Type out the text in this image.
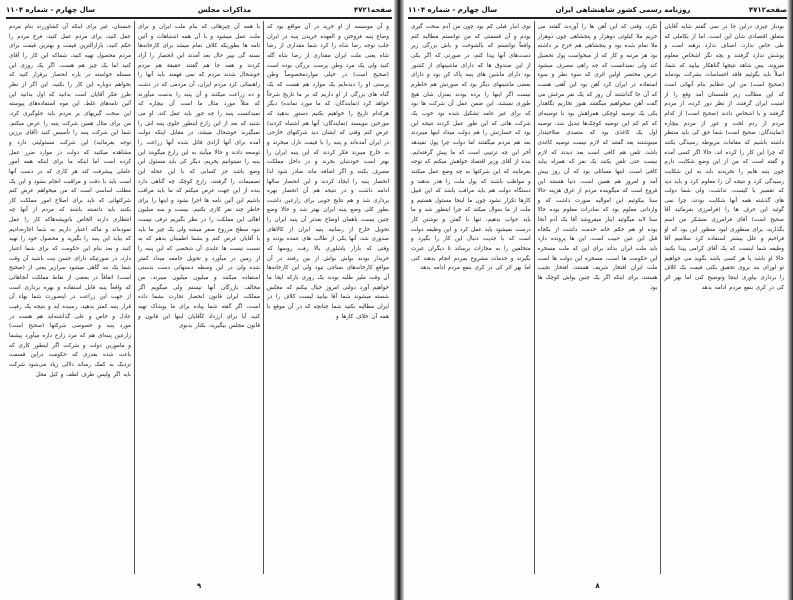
صفحه۴۷۲۱
مذاکرات مجلس
سال چهارم - شماره ۱۱۰۴

و آن موسسه از او خرید در آن مواقع بود که وضاع پنبه فروختن و العهده خریدن پنبه در ایران جلب توجه رضا شاه را کرد شما مقداری از رضا شاه یعنی ملت ایران مقداری از رضا شاه گله کنید ولی یک مرد وطن پرست بزرگی بوده است (صحیح است) در خیلی مواردمخصوصاً وطن پرستی او را دیده‌ایم یک موارد هم هست که یک گناه های بزرگی از او داریم که بر ما تاریخ شرحاً خواهد کرد (نمایندگان: که ما مورد نمانده) دیگر هرکدام تاریخ را خواهیم بکنیم دستور بدهید که مورخین بنویسند (نمایندگان: آنها هم اشتباه کردند) عرض کنم وقتی که ایشان دید شرکتهای خارجی در ایران آمده‌اند و پنبه را با قیمت نازل میخرند و به خارج میبرند فکر کردند که این پنبه ایران را بهتر است خودشان بخرند و در داخل مملکت مصرف بکنند و اگر اضافه ماند صادر شود لذا انحصار پنبه را ایجاد کردند و این انحصار سالها ادامه داشت و در نتیجه هم آن انحصار بهره برداری شد و هم نتایج خوبی برای زارعین داشت بطور کلی وضع پنبه ایران بهتر شد و حالا وضع چنین نیست باهمان اوضاع بعدتر آن پنبه ایران را تحویل خارج از رسانیه پنبه ایران از کالاهای صدوری شد، آنها یکی از طالب های عمده بودند و وقتی که بازار یاشلوری بالا رفت روسها که خریدار بودند بواش بواش از بین رفتند در آن مواقع کارخانه‌های نساجی نبود ولی این کارخانه‌ها آن وقت ملیر طلبه بودند یک روزی بازکه ایجا ما خواهیم آورد دولتی امروز خیال بیکنم که مجلس شسته میشوند شما آقا بیایید لیست کلاف را در ایران مطالبه بکنید شما چنانچه که در آن موقع با همه آن خلاف کارها و

با همه آن چیزهائی که بنام ملت ایران و برای ملت عمل میشود و با آن همه اشتباهات و آئین نامه ها بطوریکه کلاف تمام میشد برای کارخانه‌ها بسته گی بپیر حال بعد آمدند این انحصار را آزاد کردند و همه جا هم گفتند حقیقة هم مردم خوشحال شدند مردم که نمی فهمند باید آنها را راهنمائی کرد مردم ایران، آن مردمی که در دشت و ده زراعت میکنند و آن پنبه را بدست میآورند که مثلاً مورد مثال ما است آن بیچاره که نمیدانست پنبه را چه جور باید عمل کند، او می شنید که بعد از این زارع اینطور جلوی پنبه اش را نمیگیرند خوشحال میشد، در مقابل اینکه دولت آمده برای آنها آزادی قائل شده آنها زراعت را توسعه دادند و حالا میآیند به این زارع میگویند این پنبه را نمیتوانیم بخریم، دیگر کی باید مسئول این وضع باشد جز کسانی که با این عجله این تصمیمات را گرفتند، زارع کوچک چه گناهی دارد بنده از این جهت عرض میکنم که ما باید مراقب باشیم این آئین نامه ها اجرا بشود و اینها را برای خاطر چند نفر کاری نکنیم، بیست و سه میلیون اهالی این مملکت را در نظر بگیریم ترقی نیست نبود سطح مزروع صفر میشه ولی یک چیز ما باید با آقایان عرض کنم و بشما اطمینان بدهم که به نسبت نیست ها عایدی آن شخصی که این پنبه را از زمین در میآورد و تحویل جامعه میداد کمتر شده ولی در این وسطه دستهائی دست بدستی استفاده میکنند و میلیون میلیون میبرند، من مخالف بازرگان آنها نیستم ولی میگویم اگر مملکت ایران قانون انحصار تجارت بشما داده است، اگر گفته شما پیاده برای ما پوشاک تهیه کنید آیا برای ارزداد کآقایان اینها این قانون و قانون مجلس بیگیرید، بکنار بدنوی

جبستان، غیر برای اینکه آن کشاورزند بنام مردم عمل کنید، برای مردم عمل کنید، فرح مردم را حکم کنید، بازارالترین قیمت و بهترین قیمت برای مردم محصول تهیه کنید، شماکه این کار را آقای کنید اما یک چیز هم هست، اگر یک روزی این مسئله خواسته در باره انحصار برقرار کنید که بخواهم دوباره این کار را بکنید، این اگر از نظر طرز فکر آقایان است بدانید که اول بدانید این آئین نامه‌های غلط، این موه استفاده‌های پیوسته این سخت گیریهای بر مردم باید جلوگیری کرد، من برای مثال همین شرکت پنبه را عرض میکنم، شما این شرکت پنبه را تأسیس کنید (آقای برزین توجه بفرمائید) این شرکت مسئولیتی دارد و مشاهده میکنید که دولت در موارد ضرر عمل کرده است اما اینکه ما برای اینکه همه امور عاملی پیشرفت کند هر کاری که در دست آنها است باید با دقت و مراقبت انجام بشود و این یک مطلب اساسی است که من میخواهم عرض کنم شرکتهائی که باید برای اصلاح امور مملکت کار بکنند باید دانسته باشند که مردم از آنها چه انتظاری دارند الخاص بانویشه‌هاکه کار را عمل نموده‌اند و ماکه اعتبار داریم به شما اجازه‌دادیم که بیاید این پنبه را بگیرید و محصول خود را تهیه کنید و بعد بنام این حکومت که برای شما اعتبار دارد، در صورتیکه دارای حسن نیت باشید آن وقت شما یک بند گاهی میشود سرازیر یعنی از (صحیح است) اتفاقاً در بعضی از نقاط مملکت آنجاهائی که واقعاً پنبه قابل استفاده و بهره برداری است از جهت این زراعت در اینصورت شما بهاء آن قرار پنبه کمتر بدهید، رسیده اید و نتیجه یک رقیب عادل و خاص و علی گذاشته‌اید هم هست در مورد پنبه و خصوصی شرکتها (صحیح است) زارعین پنبه‌ای هم که مرد زارع داره میآورد پیشما و مامورین دولت و شرکت اگر اینطور کاری که باعث شده بقدری که حکومت دراین قسمت نزدیک به کمک رساند دلالی زیاد می‌شود شرکت باید اگر ولیس طرف لطف و کیل محل

۹
صفحه۴۷۱۲
روزنامه رسمی کشور شاهنشاهی ایران
سال چهارم - شماره ۱۱۰۴

بودباز چیزی دراین جا در نمی گفتم شاید آقایان متعلق اقتصادی شان این است، اما از یکاملی که طی خاص ندارد، اصناف ندارد برهنه است و پوشش ندارد گرفتند و بچه نگر اشخاص معلوم میروند، پس شاهد نتیجها گناهکار بیایید که شما، اصلاً باید بگوئیم فاقد احساسات بشرکت بودماید (صحیح است) من این عظایم بنام آنهائی است که این مطالب زیر قلمستان آمد وقع را از امنیت ایران گرفتند، از نظر دور کرده، از مردم گرفتند و با اشخاص دادند (صحیح است) از کدام مردم از ردم لخت و عور از مردم بیچاره (نمایندگان: صحیح است) شما حق کی باید منتظر داشته باشیم که مقامات مربوطه رسیدگی بکنند که چرا این کار را کرده اند، حالا اگر کسی آمده و گفته است که من از این وضع شکایت دارم چون پنبه هایم را نخریدند باید به این شکایت رسیدگی کرد و نتیجه آن را معلوم کرد و باید دید که تقصیر با کیست، نداشت، ولی شما دولت های گذشته همه آنها شکایت بودند، چرا نمی گوئید این حرف ها را (فرامرزی بفرمائید آقا صحیح است) آقای فرامرزی متشکر من اسم بگذارید، برای منظوری لیود منظور این بود که او فراخیم و علل بیشتر استفاده کرد سلامیم آقا وظیفه شما اینست که یک آقای کرامی پیدا بکنید حالا او باشد یا هر کسی باشد بگوید می خواهیم تو لوزای بند بروی تحقیق بکنی قیمت یک کلاف را برداری بیاوری اینجا وتوضیح کنی اما بهر اثر کی در کری بنفع مردم ادامه بدهد

نکرد، وقتی که این آهن ها را آوردند گفتند می خریم ملا کیلوئی دوهزار و پنجشاهی چون دوهزار ملا تمام شده بود و پنجشاهی هم خرج بر داشته بود هر مرتبه و کار که از میخواست پول تحصیل کند ولی نمیدانست که چه راهی مصرف میشود عرض مختصر اولین اثری که سوء نظر و سوء استفاده در ایران کرد آهن بود این آهنی هست که آن جا گذاشتند آن روز که یک نفر مرغش می گفت آهن میخواهیم میگفتند هنوز نخاریم نگاهدار یکی یک توصیه لوچکی همراهش بود با توصیه‌ای که کم کم این توصیه کوچک‌ها تبدیل شد، توصیه اول یک کاغذی بود که متصدی صلاحیتدار مینوشتند بعد گفتند که لازم نیست توصیه کاغذی باشد، تلفن هم کافی است بعد دیدند که لازم نیست حتی تلفن بکنند یک نفر که همراه بیاید کافی است، اینها مسائلی بود که آن روز پیش آمد و امروز هم همین است، دنیا هستند این فروع است که میگوینده مردم از غرق هزینه حالا سنا بیکوئیم این اموالیه صورت داشت که و واردانی معلوم بود که صادرات معلوم بوده حالا سنا لابد میگوئید اینار میفروشد آقا یک آدم آنجا بوده او هم حکم خانه خدمت داشت از یکجاه قبل این عین حبیب است، این ها پرونده دارد باید ملت ایران بداند برای این که ملت مسخره این حکومت ها است، مسخره این دولت ها است ملت ایران افتخار شریف هستند، افتخار نجیب هستند، برای اینکه اگر یک چنین یواش کوچک ها بود

توی انبار قبلی کم بود چون من آدم سخت گیری بودم و آن قسمتی که من توانستم مطالبه کنم واقعاً توانستم که بالشوخت و باش بزرگی زیر دست‌های آنها پیدا کنم، در صورتی که اگر یکی از این صندوق ها که دارای ماشینهای از کشور بود دارای ماشین های پنبه پاک کن بود و دارای بعضی ماشینهای دیگر بود که صورتش هم خاطرم نیست اگر اینها را برده بودند بمنزل شان هیچ طوری نمیشد، این ضمن عمل آن شرکت ها بود که برای غیر عامه تشکیل شده بود خوب یک شرکت هائی که این طور عمل کردند نتیجه این بود که خسارتش را هم دولت میداد اینها میبردند بعد هم مردم میگفتند اما دولت چرا پول نمیدهد آخر این چه ترتیبی است که ما پیش گرفته‌ایم، بنده از آقای وزیر اقتصاد خواهش میکنم که توجه بفرمایند که این شرکتها به چه وضع عمل میکنند و مواظب باشند که پول ملت را هدر ندهند و دستگاه دولت هم باید مراقب باشد که این قبیل کارها تکرار نشود چون ما اینجا مسئول هستیم و ملت از ما سوال میکند که چرا اینطور شد و ما باید جواب بدهیم، تنها با گفتن و نوشتن کار درست نمیشود باید عمل کرد و این وظیفه دولت است که با جدیت دنبال این کار را بگیرد و متخلفین را به مجازات برساند تا دیگران عبرت بگیرند و خدمات مشروع بمردم انجام بدهند کنی اما بهر اثر کی در کری بنفع مردم ادامه بدهد

۸
